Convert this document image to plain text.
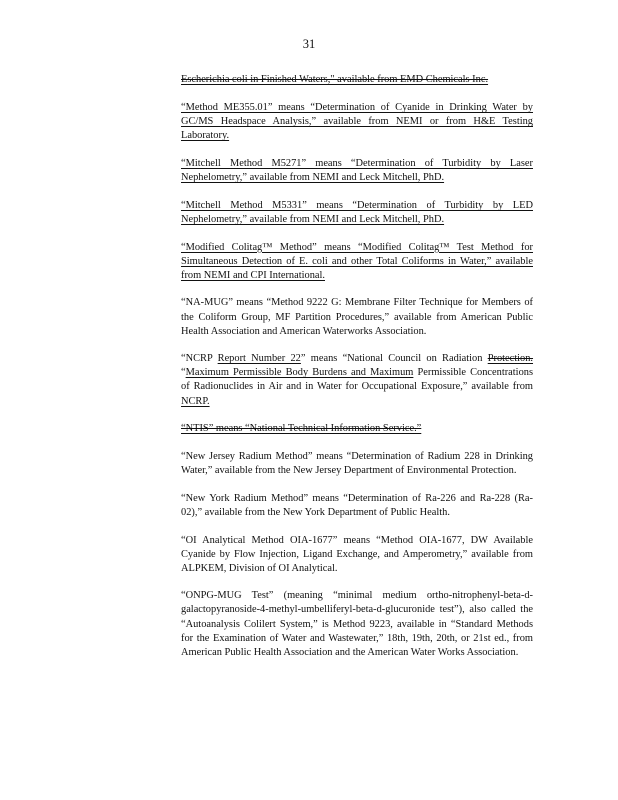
31

Escherichia coli in Finished Waters," available from EMD Chemicals Inc.

“Method ME355.01” means “Determination of Cyanide in Drinking Water by GC/MS Headspace Analysis,” available from NEMI or from H&E Testing Laboratory.

“Mitchell Method M5271” means “Determination of Turbidity by Laser Nephelometry,” available from NEMI and Leck Mitchell, PhD.

“Mitchell Method M5331” means “Determination of Turbidity by LED Nephelometry,” available from NEMI and Leck Mitchell, PhD.

“Modified Colitag™ Method” means “Modified Colitag™ Test Method for Simultaneous Detection of E. coli and other Total Coliforms in Water,” available from NEMI and CPI International.

“NA-MUG” means “Method 9222 G: Membrane Filter Technique for Members of the Coliform Group, MF Partition Procedures,” available from American Public Health Association and American Waterworks Association.

“NCRP Report Number 22” means “National Council on Radiation Protection. “Maximum Permissible Body Burdens and Maximum Permissible Concentrations of Radionuclides in Air and in Water for Occupational Exposure,” available from NCRP.

“NTIS” means “National Technical Information Service.”

“New Jersey Radium Method” means “Determination of Radium 228 in Drinking Water,” available from the New Jersey Department of Environmental Protection.

“New York Radium Method” means “Determination of Ra-226 and Ra-228 (Ra-02),” available from the New York Department of Public Health.

“OI Analytical Method OIA-1677” means “Method OIA-1677, DW Available Cyanide by Flow Injection, Ligand Exchange, and Amperometry,” available from ALPKEM, Division of OI Analytical.

“ONPG-MUG Test” (meaning “minimal medium ortho-nitrophenyl-beta-d-galactopyranoside-4-methyl-umbelliferyl-beta-d-glucuronide test”), also called the “Autoanalysis Colilert System,” is Method 9223, available in “Standard Methods for the Examination of Water and Wastewater,” 18th, 19th, 20th, or 21st ed., from American Public Health Association and the American Water Works Association.
